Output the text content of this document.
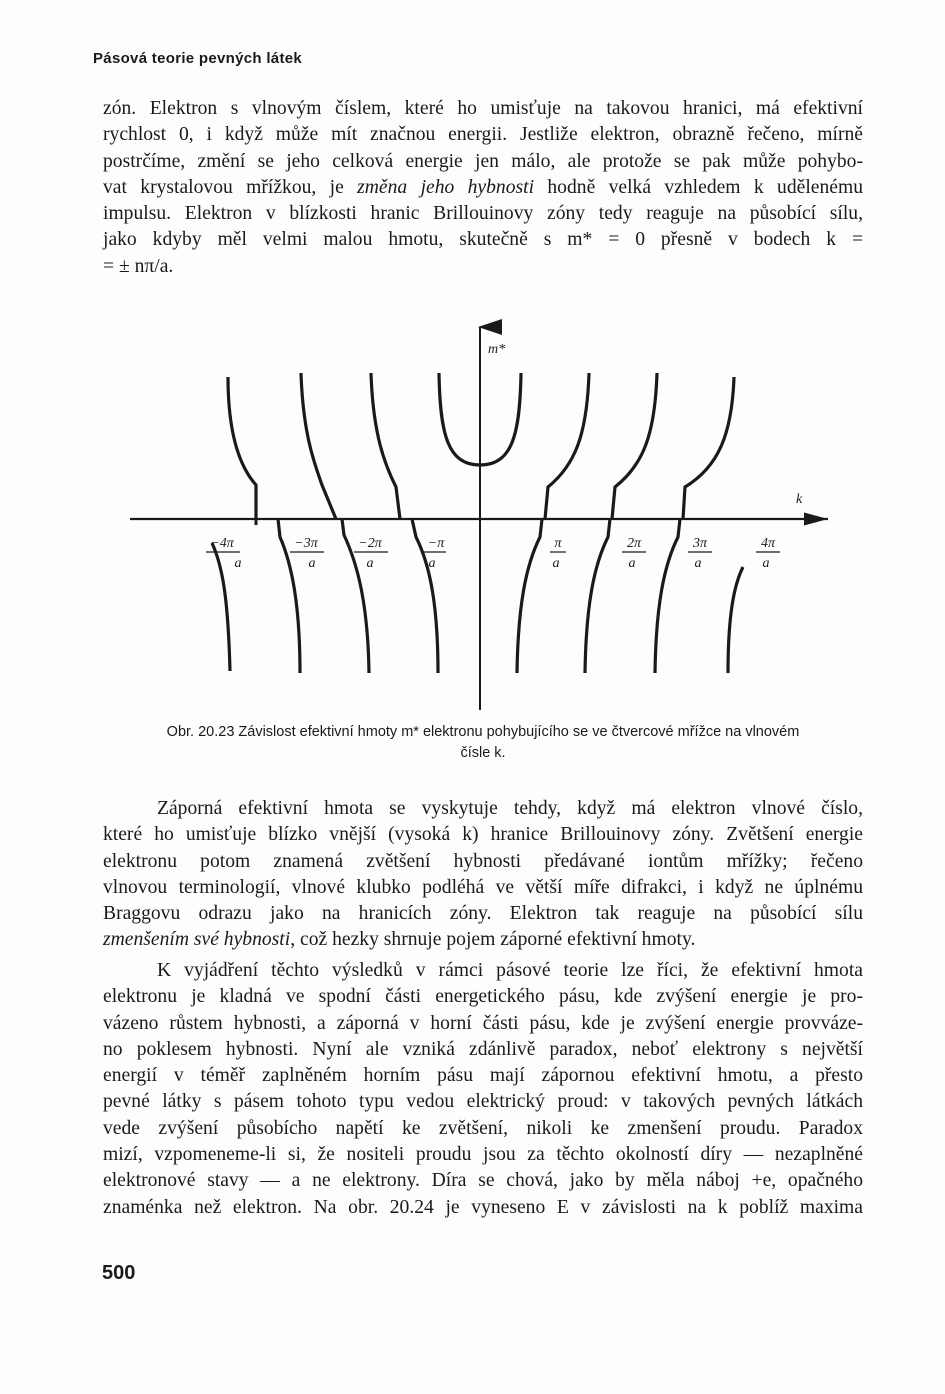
Pásová teorie pevných látek
zón. Elektron s vlnovým číslem, které ho umisťuje na takovou hranici, má efektivní
rychlost 0, i když může mít značnou energii. Jestliže elektron, obrazně řečeno, mírně
postrčíme, změní se jeho celková energie jen málo, ale protože se pak může pohybo-
vat krystalovou mřížkou, je změna jeho hybnosti hodně velká vzhledem k udělenému
impulsu. Elektron v blízkosti hranic Brillouinovy zóny tedy reaguje na působící sílu,
jako kdyby měl velmi malou hmotu, skutečně s m* = 0 přesně v bodech k =
= ± nπ/a.
m*
k
−4π
a
−3π
a
−2π
a
−π
a
π
a
2π
a
3π
a
4π
a
Obr. 20.23 Závislost efektivní hmoty m* elektronu pohybujícího se ve čtvercové mřížce na vlnovém
čísle k.
Záporná efektivní hmota se vyskytuje tehdy, když má elektron vlnové číslo,
které ho umisťuje blízko vnější (vysoká k) hranice Brillouinovy zóny. Zvětšení energie
elektronu potom znamená zvětšení hybnosti předávané iontům mřížky; řečeno
vlnovou terminologií, vlnové klubko podléhá ve větší míře difrakci, i když ne úplnému
Braggovu odrazu jako na hranicích zóny. Elektron tak reaguje na působící sílu
zmenšením své hybnosti, což hezky shrnuje pojem záporné efektivní hmoty.
K vyjádření těchto výsledků v rámci pásové teorie lze říci, že efektivní hmota
elektronu je kladná ve spodní části energetického pásu, kde zvýšení energie je pro-
vázeno růstem hybnosti, a záporná v horní části pásu, kde je zvýšení energie provváze-
no poklesem hybnosti. Nyní ale vzniká zdánlivě paradox, neboť elektrony s největší
energií v téměř zaplněném horním pásu mají zápornou efektivní hmotu, a přesto
pevné látky s pásem tohoto typu vedou elektrický proud: v takových pevných látkách
vede zvýšení působícho napětí ke zvětšení, nikoli ke zmenšení proudu. Paradox
mizí, vzpomeneme-li si, že nositeli proudu jsou za těchto okolností díry — nezaplněné
elektronové stavy — a ne elektrony. Díra se chová, jako by měla náboj +e, opačného
znaménka než elektron. Na obr. 20.24 je vyneseno E v závislosti na k poblíž maxima
500
